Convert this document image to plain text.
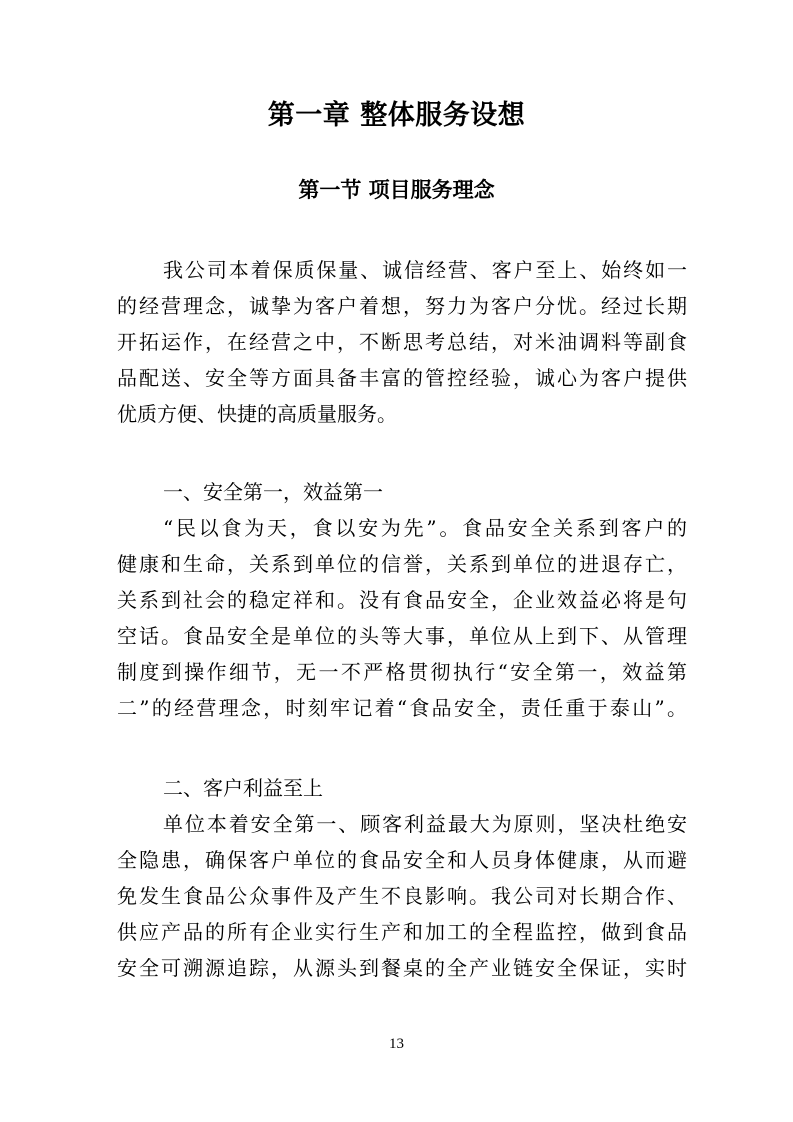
第一章 整体服务设想
第一节 项目服务理念
我公司本着保质保量、诚信经营、客户至上、始终如一
的经营理念，诚挚为客户着想，努力为客户分忧。经过长期
开拓运作，在经营之中，不断思考总结，对米油调料等副食
品配送、安全等方面具备丰富的管控经验，诚心为客户提供
优质方便、快捷的高质量服务。
一、安全第一，效益第一
“民以食为天，食以安为先”。食品安全关系到客户的
健康和生命，关系到单位的信誉，关系到单位的进退存亡，
关系到社会的稳定祥和。没有食品安全，企业效益必将是句
空话。食品安全是单位的头等大事，单位从上到下、从管理
制度到操作细节，无一不严格贯彻执行“安全第一，效益第
二”的经营理念，时刻牢记着“食品安全，责任重于泰山”。
二、客户利益至上
单位本着安全第一、顾客利益最大为原则，坚决杜绝安
全隐患，确保客户单位的食品安全和人员身体健康，从而避
免发生食品公众事件及产生不良影响。我公司对长期合作、
供应产品的所有企业实行生产和加工的全程监控，做到食品
安全可溯源追踪，从源头到餐桌的全产业链安全保证，实时
13
